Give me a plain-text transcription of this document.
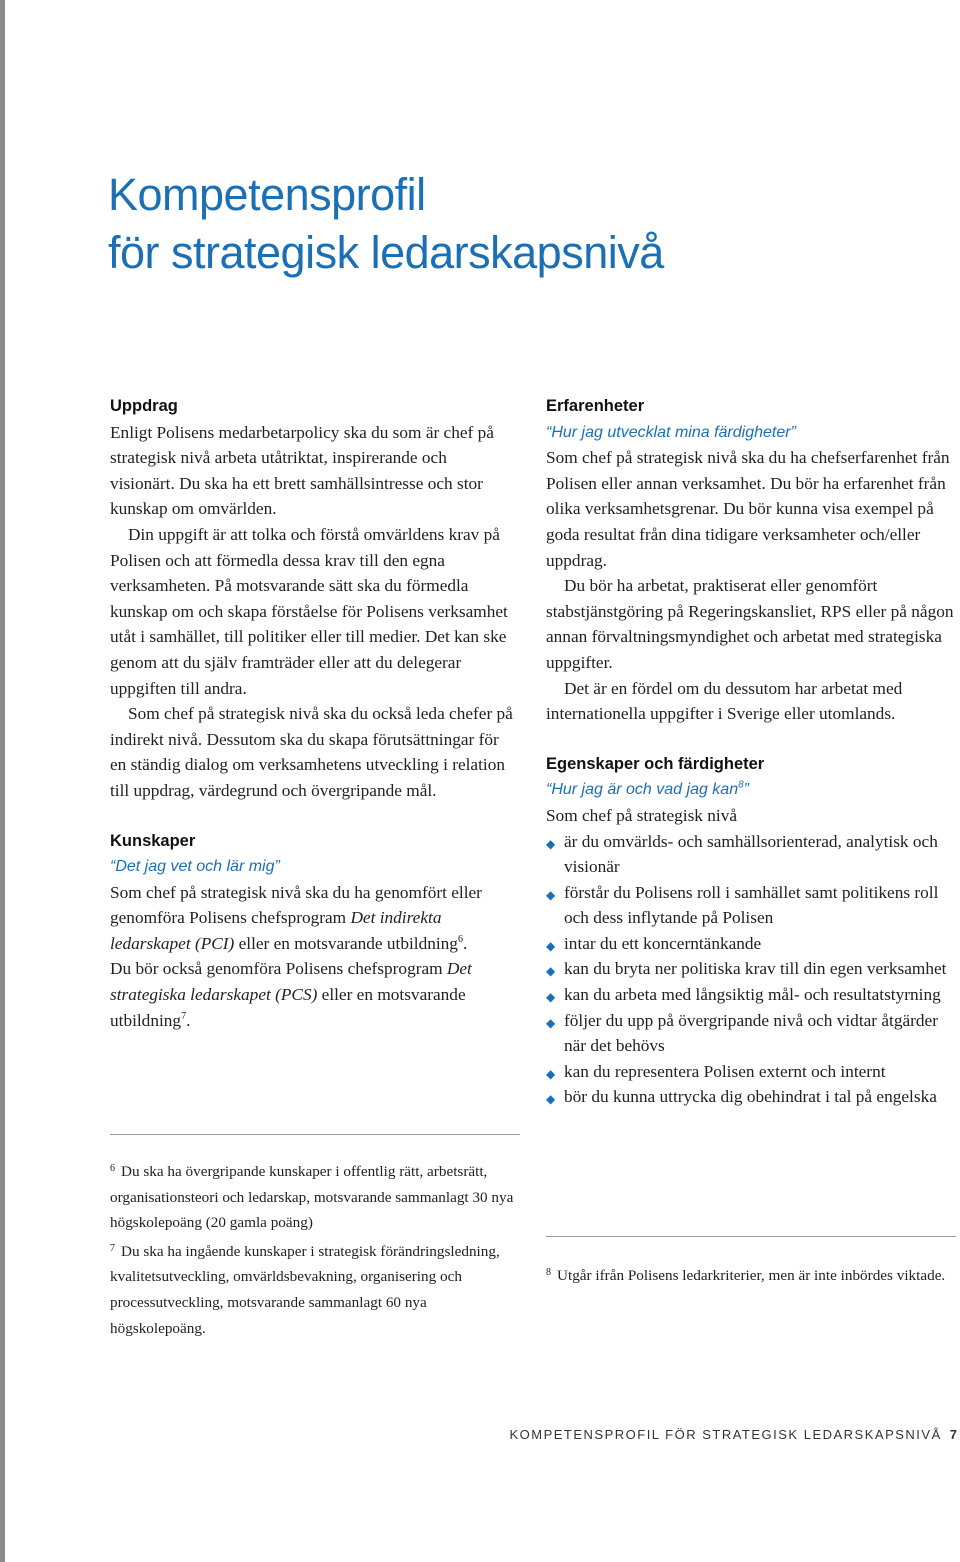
Kompetensprofil
för strategisk ledarskapsnivå
Uppdrag

Enligt Polisens medarbetarpolicy ska du som är chef på strategisk nivå arbeta utåtriktat, inspirerande och visionärt. Du ska ha ett brett samhällsintresse och stor kunskap om omvärlden.

Din uppgift är att tolka och förstå omvärldens krav på Polisen och att förmedla dessa krav till den egna verksamheten. På motsvarande sätt ska du förmedla kunskap om och skapa förståelse för Polisens verksamhet utåt i samhället, till politiker eller till medier. Det kan ske genom att du själv framträder eller att du delegerar uppgiften till andra.

Som chef på strategisk nivå ska du också leda chefer på indirekt nivå. Dessutom ska du skapa förutsättningar för en ständig dialog om verksamhetens utveckling i relation till uppdrag, värdegrund och övergripande mål.

Kunskaper

“Det jag vet och lär mig”

Som chef på strategisk nivå ska du ha genomfört eller genomföra Polisens chefsprogram Det indirekta ledarskapet (PCI) eller en motsvarande utbildning$^6$.

Du bör också genomföra Polisens chefsprogram Det strategiska ledarskapet (PCS) eller en motsvarande utbildning$^7$.

$^6$ Du ska ha övergripande kunskaper i offentlig rätt, arbetsrätt, organisationsteori och ledarskap, motsvarande sammanlagt 30 nya högskolepoäng (20 gamla poäng)

$^7$ Du ska ha ingående kunskaper i strategisk förändringsledning, kvalitetsutveckling, omvärldsbevakning, organisering och processutveckling, motsvarande sammanlagt 60 nya högskolepoäng.

Erfarenheter

“Hur jag utvecklat mina färdigheter”

Som chef på strategisk nivå ska du ha chefserfarenhet från Polisen eller annan verksamhet. Du bör ha erfarenhet från olika verksamhetsgrenar. Du bör kunna visa exempel på goda resultat från dina tidigare verksamheter och/eller uppdrag.

Du bör ha arbetat, praktiserat eller genomfört stabstjänstgöring på Regeringskansliet, RPS eller på någon annan förvaltningsmyndighet och arbetat med strategiska uppgifter.

Det är en fördel om du dessutom har arbetat med internationella uppgifter i Sverige eller utomlands.

Egenskaper och färdigheter

“Hur jag är och vad jag kan$^8$”

Som chef på strategisk nivå

◆ är du omvärlds- och samhällsorienterad, analytisk och visionär
◆ förstår du Polisens roll i samhället samt politikens roll och dess inflytande på Polisen
◆ intar du ett koncerntänkande
◆ kan du bryta ner politiska krav till din egen verksamhet
◆ kan du arbeta med långsiktig mål- och resultatstyrning
◆ följer du upp på övergripande nivå och vidtar åtgärder när det behövs
◆ kan du representera Polisen externt och internt
◆ bör du kunna uttrycka dig obehindrat i tal på engelska

$^8$ Utgår ifrån Polisens ledarkriterier, men är inte inbördes viktade.

KOMPETENSPROFIL FÖR STRATEGISK LEDARSKAPSNIVÅ 7
